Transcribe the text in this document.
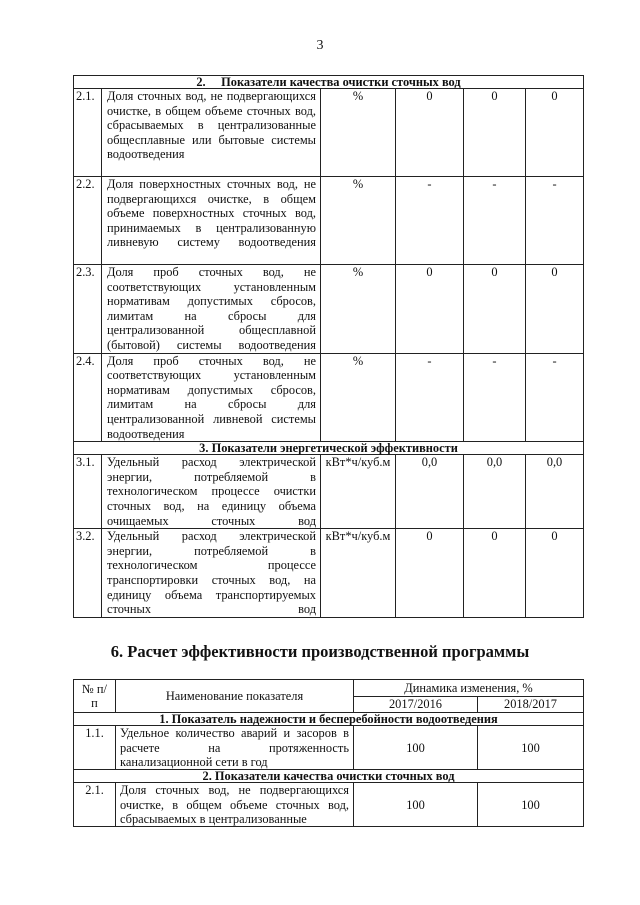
3
2.     Показатели качества очистки сточных вод					
2.1.	Доля сточных вод, не подвергающихся очистке, в общем объеме сточных вод, сбрасываемых в централизованные общесплавные или бытовые системы водоотведения	%	0	0	0
2.2.	Доля поверхностных сточных вод, не подвергающихся очистке, в общем объеме поверхностных сточных вод, принимаемых в централизованную ливневую систему водоотведения	%	-	-	-
2.3.	Доля проб сточных вод, не соответствующих установленным нормативам допустимых сбросов, лимитам на сбросы для централизованной общесплавной (бытовой) системы водоотведения	%	0	0	0
2.4.	Доля проб сточных вод, не соответствующих установленным нормативам допустимых сбросов, лимитам на сбросы для централизованной ливневой системы водоотведения	%	-	-	-
3. Показатели энергетической эффективности					
3.1.	Удельный расход электрической энергии, потребляемой в технологическом процессе очистки сточных вод, на единицу объема очищаемых сточных вод	кВт*ч/куб.м	0,0	0,0	0,0
3.2.	Удельный расход электрической энергии, потребляемой в технологическом процессе транспортировки сточных вод, на единицу объема транспортируемых сточных вод	кВт*ч/куб.м	0	0	0
6. Расчет эффективности производственной программы
№ п/п	Наименование показателя	Динамика изменения, %	
		2017/2016	2018/2017
1. Показатель надежности и бесперебойности водоотведения			
1.1.	Удельное количество аварий и засоров в расчете на протяженность канализационной сети в год	100	100
2. Показатели качества очистки сточных вод			
2.1.	Доля сточных вод, не подвергающихся очистке, в общем объеме сточных вод, сбрасываемых в централизованные	100	100
